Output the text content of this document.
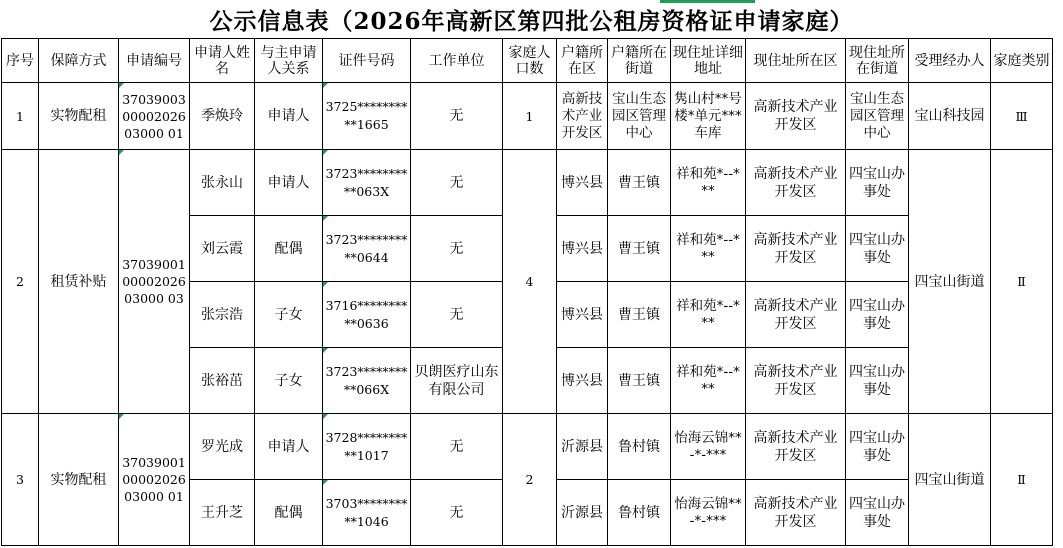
公示信息表（2026年高新区第四批公租房资格证申请家庭）
序号	保障方式	申请编号	申请人姓名	与主申请人关系	证件号码	工作单位	家庭人口数	户籍所在区	户籍所在街道	现住址详细地址	现住址所在区	现住址所在街道	受理经办人	家庭类别
1	实物配租	370390030000202603000 01	季焕玲	申请人	3725**********1665	无	1	高新技术产业开发区	宝山生态园区管理中心	隽山村**号楼*单元***车库	高新技术产业开发区	宝山生态园区管理中心	宝山科技园	Ⅲ
2	租赁补贴	370390010000202603000 03	张永山	申请人	3723**********063X	无	4	博兴县	曹王镇	祥和苑*--***	高新技术产业开发区	四宝山办事处	四宝山街道	Ⅱ
			刘云霞	配偶	3723**********0644	无		博兴县	曹王镇	祥和苑*--***	高新技术产业开发区	四宝山办事处		
			张宗浩	子女	3716**********0636	无		博兴县	曹王镇	祥和苑*--***	高新技术产业开发区	四宝山办事处		
			张裕茁	子女	3723**********066X	贝朗医疗山东有限公司		博兴县	曹王镇	祥和苑*--***	高新技术产业开发区	四宝山办事处		
3	实物配租	370390010000202603000 01	罗光成	申请人	3728**********1017	无	2	沂源县	鲁村镇	怡海云锦**-*-***	高新技术产业开发区	四宝山办事处	四宝山街道	Ⅱ
			王升芝	配偶	3703**********1046	无		沂源县	鲁村镇	怡海云锦**-*-***	高新技术产业开发区	四宝山办事处		
